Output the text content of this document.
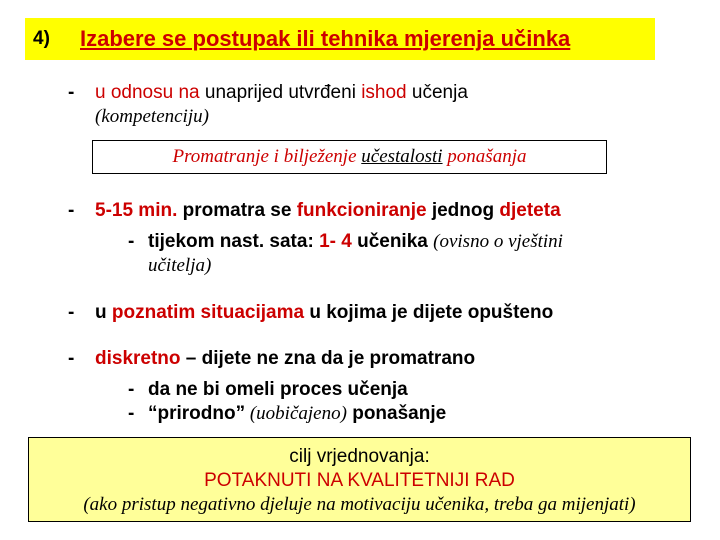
4) Izabere se postupak ili tehnika mjerenja učinka
- u odnosu na unaprijed utvrđeni ishod učenja
(kompetenciju)
Promatranje i bilježenje učestalosti ponašanja
- 5-15 min. promatra se funkcioniranje jednog djeteta
- tijekom nast. sata: 1- 4 učenika (ovisno o vještini
učitelja)
- u poznatim situacijama u kojima je dijete opušteno
- diskretno – dijete ne zna da je promatrano
- da ne bi omeli proces učenja
- “prirodno” (uobičajeno) ponašanje
cilj vrjednovanja:
POTAKNUTI NA KVALITETNIJI RAD
(ako pristup negativno djeluje na motivaciju učenika, treba ga mijenjati)
